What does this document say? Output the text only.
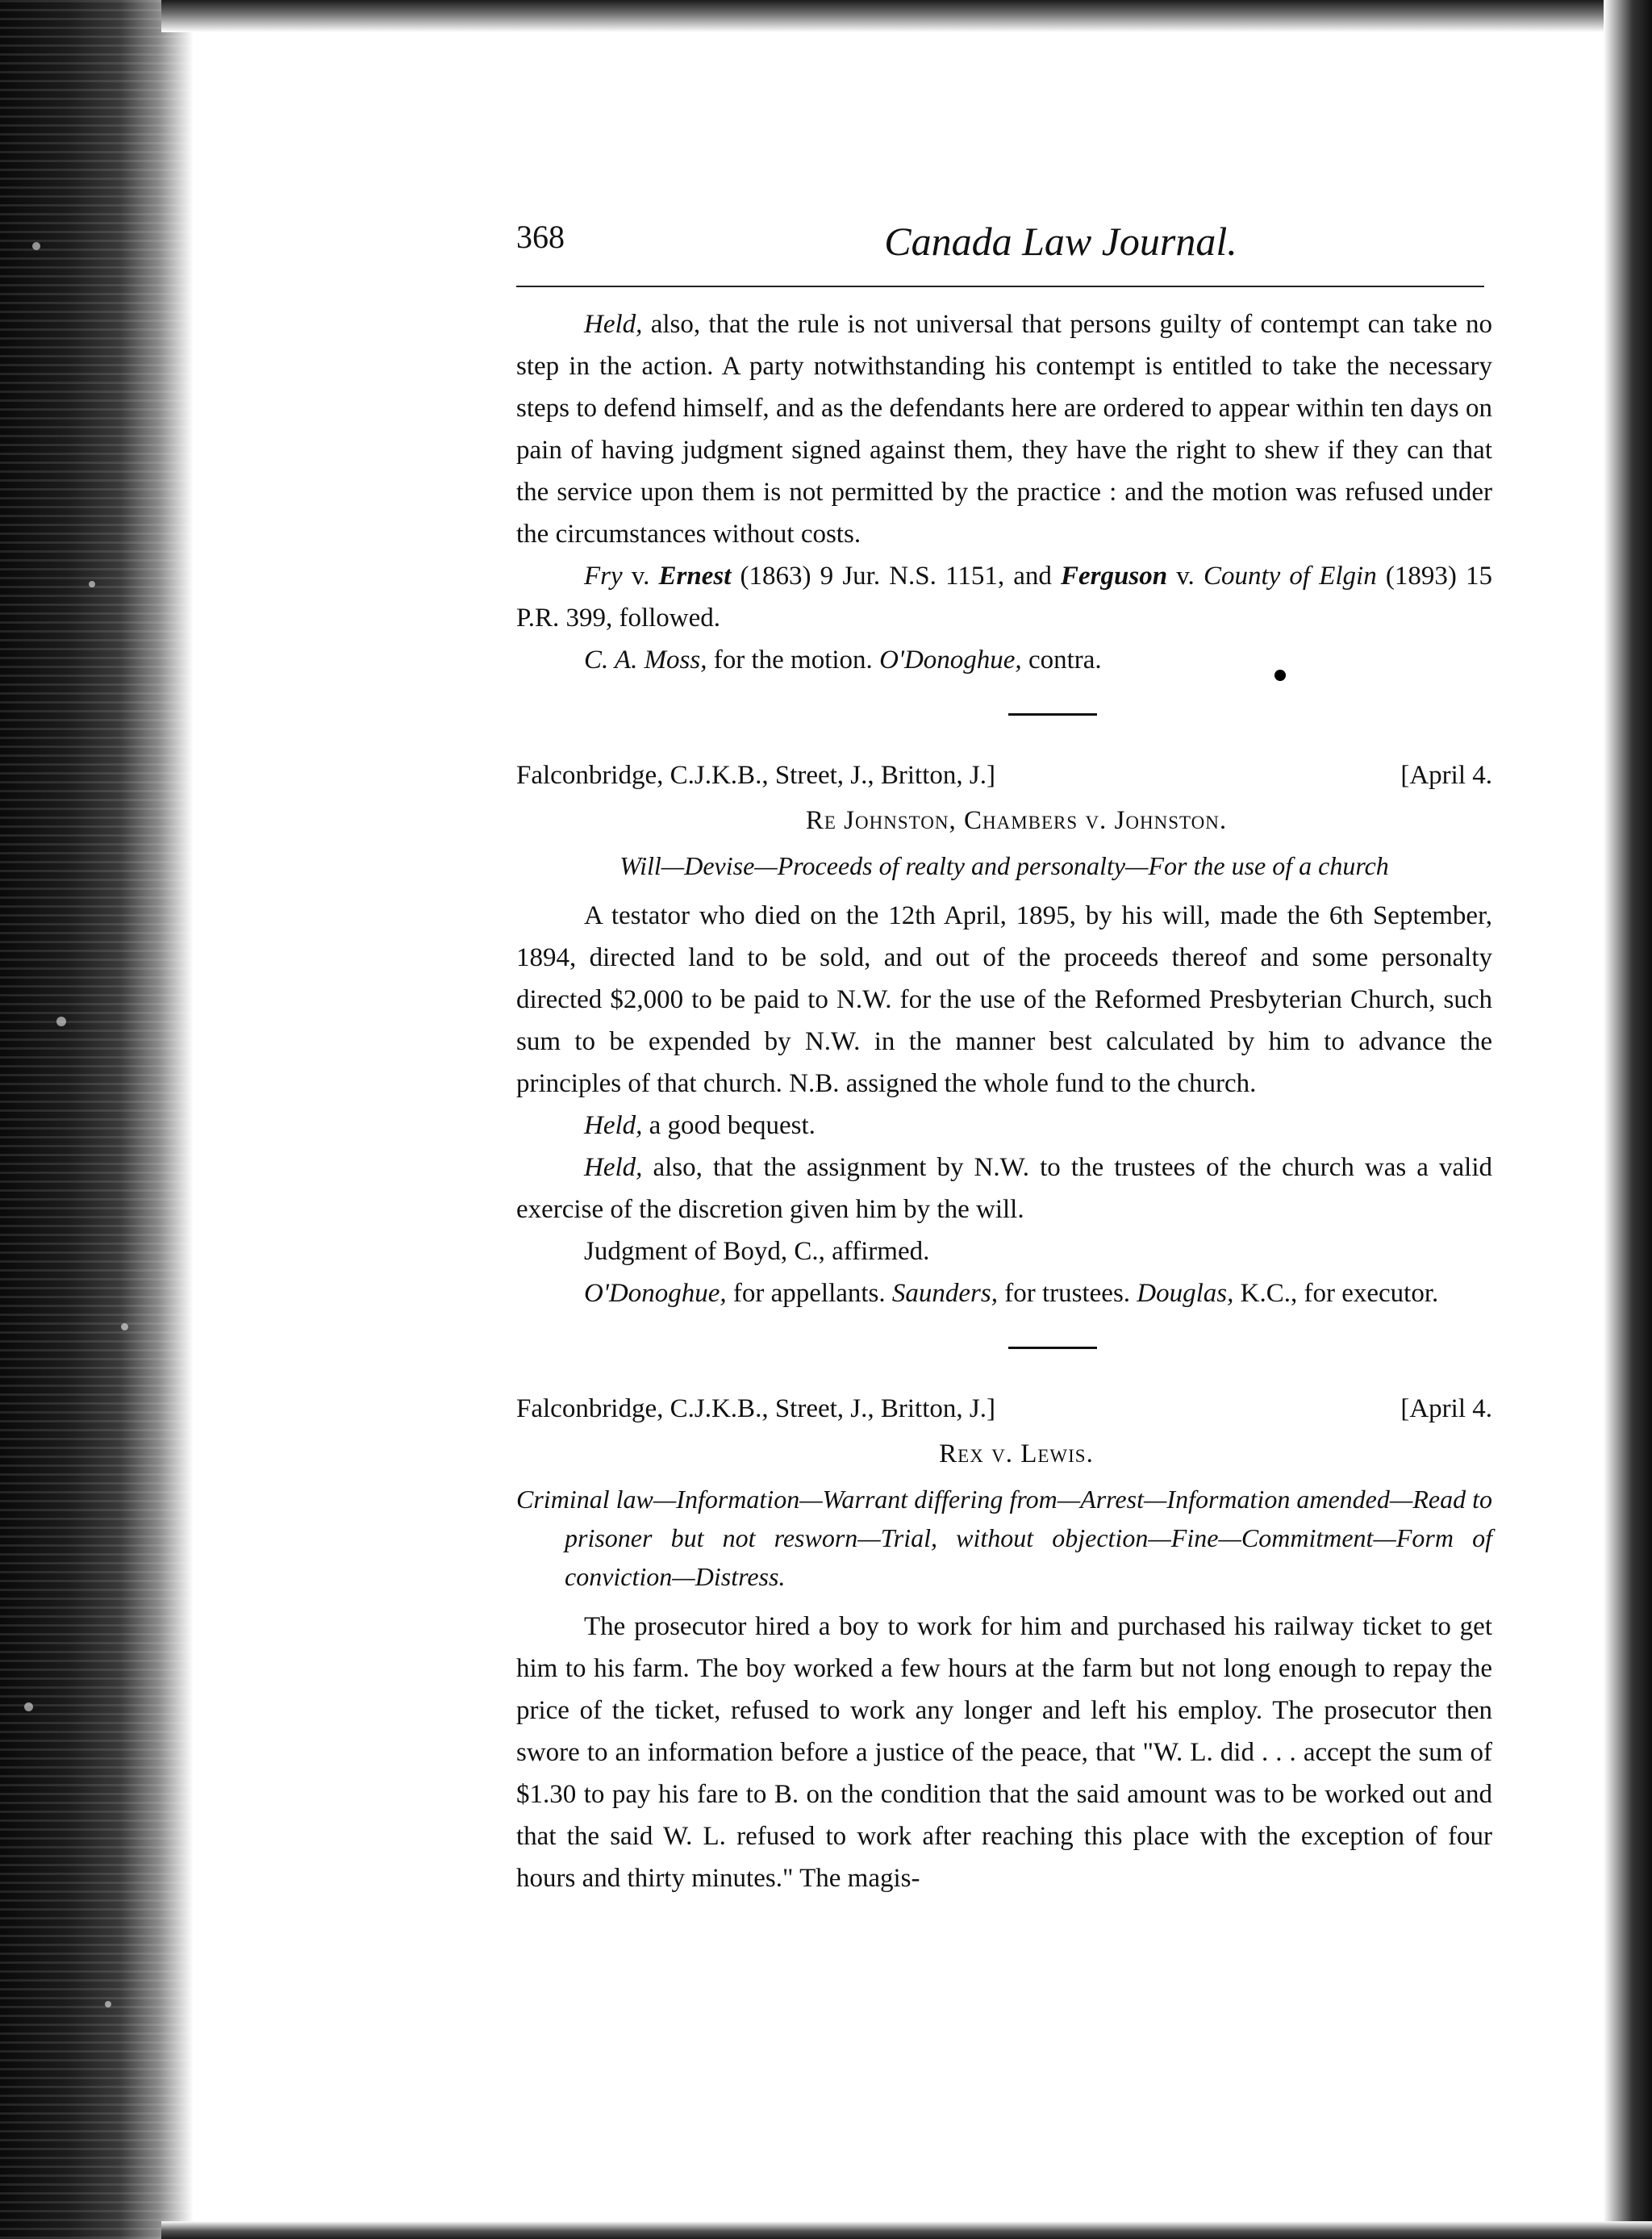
368	Canada Law Journal.

Held, also, that the rule is not universal that persons guilty of contempt can take no step in the action. A party notwithstanding his contempt is entitled to take the necessary steps to defend himself, and as the defendants here are ordered to appear within ten days on pain of having judgment signed against them, they have the right to shew if they can that the service upon them is not permitted by the practice : and the motion was refused under the circumstances without costs.

Fry v. Ernest (1863) 9 Jur. N.S. 1151, and Ferguson v. County of Elgin (1893) 15 P.R. 399, followed.

C. A. Moss, for the motion. O'Donoghue, contra.

Falconbridge, C.J.K.B., Street, J., Britton, J.]	[April 4.
Re Johnston, Chambers v. Johnston.
Will—Devise—Proceeds of realty and personalty—For the use of a church

A testator who died on the 12th April, 1895, by his will, made the 6th September, 1894, directed land to be sold, and out of the proceeds thereof and some personalty directed $2,000 to be paid to N.W. for the use of the Reformed Presbyterian Church, such sum to be expended by N.W. in the manner best calculated by him to advance the principles of that church. N.B. assigned the whole fund to the church.

Held, a good bequest.

Held, also, that the assignment by N.W. to the trustees of the church was a valid exercise of the discretion given him by the will.

Judgment of Boyd, C., affirmed.

O'Donoghue, for appellants. Saunders, for trustees. Douglas, K.C., for executor.

Falconbridge, C.J.K.B., Street, J., Britton, J.]	[April 4.
Rex v. Lewis.
Criminal law—Information—Warrant differing from—Arrest—Information amended—Read to prisoner but not resworn—Trial, without objection—Fine—Commitment—Form of conviction—Distress.

The prosecutor hired a boy to work for him and purchased his railway ticket to get him to his farm. The boy worked a few hours at the farm but not long enough to repay the price of the ticket, refused to work any longer and left his employ. The prosecutor then swore to an information before a justice of the peace, that "W. L. did . . . accept the sum of $1.30 to pay his fare to B. on the condition that the said amount was to be worked out and that the said W. L. refused to work after reaching this place with the exception of four hours and thirty minutes." The magis-
